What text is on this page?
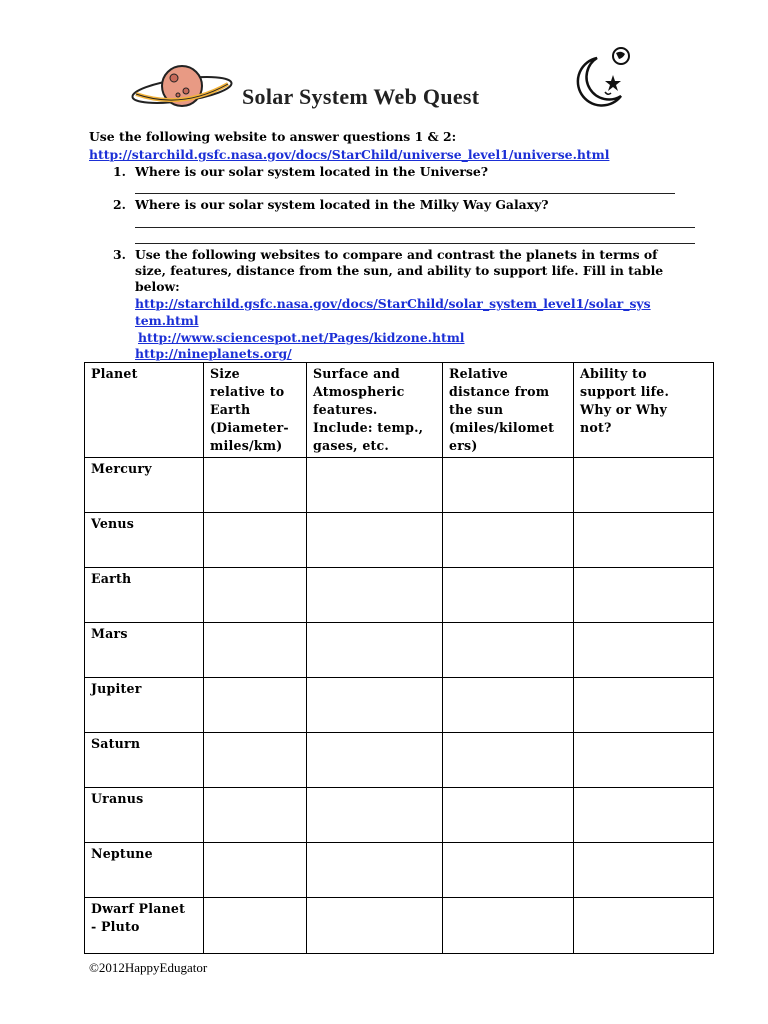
Solar System Web Quest
Use the following website to answer questions 1 & 2:
http://starchild.gsfc.nasa.gov/docs/StarChild/universe_level1/universe.html
1. Where is our solar system located in the Universe?
2. Where is our solar system located in the Milky Way Galaxy?
3. Use the following websites to compare and contrast the planets in terms of
size, features, distance from the sun, and ability to support life. Fill in table
below:
http://starchild.gsfc.nasa.gov/docs/StarChild/solar_system_level1/solar_sys
tem.html
http://www.sciencespot.net/Pages/kidzone.html
http://nineplanets.org/
Planet	Size
relative to
Earth
(Diameter-
miles/km)	Surface and
Atmospheric
features.
Include: temp.,
gases, etc.	Relative
distance from
the sun
(miles/kilomet
ers)	Ability to
support life.
Why or Why
not?
Mercury				
Venus				
Earth				
Mars				
Jupiter				
Saturn				
Uranus				
Neptune				
Dwarf Planet
- Pluto				
©2012HappyEdugator
